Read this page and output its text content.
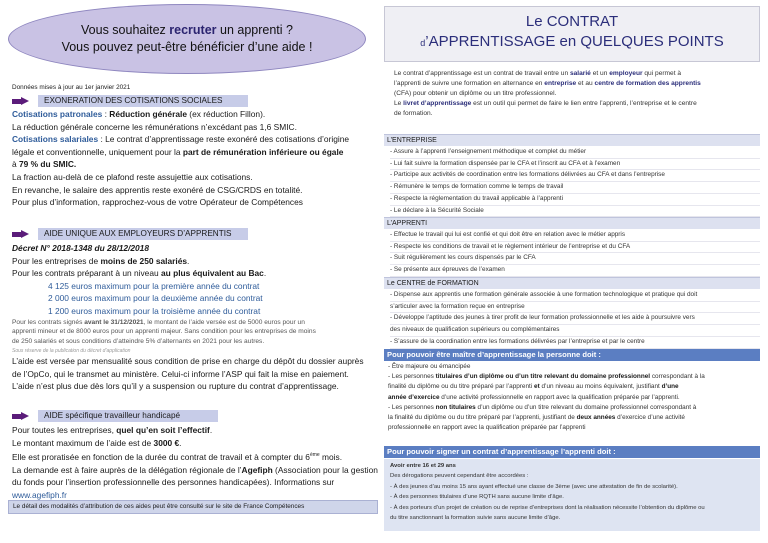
Vous souhaitez recruter un apprenti ?
Vous pouvez peut-être bénéficier d’une aide !
Données mises à jour au 1er janvier 2021
EXONERATION DES COTISATIONS SOCIALES
Cotisations patronales : Réduction générale (ex réduction Fillon).
La réduction générale concerne les rémunérations n’excédant pas 1,6 SMIC.
Cotisations salariales : Le contrat d’apprentissage reste exonéré des cotisations d’origine
légale et conventionnelle, uniquement pour la part de rémunération inférieure ou égale
à 79 % du SMIC.
La fraction au-delà de ce plafond reste assujettie aux cotisations.
En revanche, le salaire des apprentis reste exonéré de CSG/CRDS en totalité.
Pour plus d’information, rapprochez-vous de votre Opérateur de Compétences
AIDE UNIQUE AUX EMPLOYEURS D’APPRENTIS
Décret N° 2018-1348 du 28/12/2018
Pour les entreprises de moins de 250 salariés.
Pour les contrats préparant à un niveau au plus équivalent au Bac.
4 125 euros maximum pour la première année du contrat
2 000 euros maximum pour la deuxième année du contrat
1 200 euros maximum pour la troisième année du contrat
Pour les contrats signés avant le 31/12/2021, le montant de l’aide versée est de 5000 euros pour un
apprenti mineur et de 8000 euros pour un apprenti majeur. Sans condition pour les entreprises de moins
de 250 salariés et sous conditions d’atteindre 5% d’alternants en 2021 pour les autres.
Sous réserve de la publication du décret d’application
L’aide est versée par mensualité sous condition de prise en charge du dépôt du dossier auprès
de l’OpCo, qui le transmet au ministère. Celui-ci informe l’ASP qui fait la mise en paiement.
L’aide n’est plus due dès lors qu’il y a suspension ou rupture du contrat d’apprentissage.
AIDE spécifique travailleur handicapé
Pour toutes les entreprises, quel qu’en soit l’effectif.
Le montant maximum de l’aide est de 3000 €.
Elle est proratisée en fonction de la durée du contrat de travail et à compter du 6ème mois.
La demande est à faire auprès de la délégation régionale de l’Agefiph (Association pour la gestion
du fonds pour l’insertion professionnelle des personnes handicapées). Informations sur
www.agefiph.fr
Le détail des modalités d’attribution de ces aides peut être consulté sur le site de France Compétences
Le CONTRAT
d’APPRENTISSAGE en QUELQUES POINTS
Le contrat d’apprentissage est un contrat de travail entre un salarié et un employeur qui permet à
l’apprenti de suivre une formation en alternance en entreprise et au centre de formation des apprentis
(CFA) pour obtenir un diplôme ou un titre professionnel.
Le livret d’apprentissage est un outil qui permet de faire le lien entre l’apprenti, l’entreprise et le centre
de formation.
L’ENTREPRISE
- Assure à l’apprenti l’enseignement méthodique et complet du métier
- Lui fait suivre la formation dispensée par le CFA et l’inscrit au CFA et à l’examen
- Participe aux activités de coordination entre les formations délivrées au CFA et dans l’entreprise
- Rémunère le temps de formation comme le temps de travail
- Respecte la réglementation du travail applicable à l’apprenti
- Le déclare à la Sécurité Sociale
L’APPRENTI
- Effectue le travail qui lui est confié et qui doit être en relation avec le métier appris
- Respecte les conditions de travail et le règlement intérieur de l’entreprise et du CFA
- Suit régulièrement les cours dispensés par le CFA
- Se présente aux épreuves de l’examen
Le CENTRE de FORMATION
- Dispense aux apprentis une formation générale associée à une formation technologique et pratique qui doit
s’articuler avec la formation reçue en entreprise
- Développe l’aptitude des jeunes à tirer profit de leur formation professionnelle et les aide à poursuivre vers
des niveaux de qualification supérieurs ou complémentaires
- S’assure de la coordination entre les formations délivrées par l’entreprise et par le centre
Pour pouvoir être maître d’apprentissage la personne doit :
- Être majeure ou émancipée
- Les personnes titulaires d’un diplôme ou d’un titre relevant du domaine professionnel correspondant à la
finalité du diplôme ou du titre préparé par l’apprenti et d’un niveau au moins équivalent, justifiant d’une
année d’exercice d’une activité professionnelle en rapport avec la qualification préparée par l’apprenti.
- Les personnes non titulaires d’un diplôme ou d’un titre relevant du domaine professionnel correspondant à
la finalité du diplôme ou du titre préparé par l’apprenti, justifiant de deux années d’exercice d’une activité
professionnelle en rapport avec la qualification préparée par l’apprenti
Pour pouvoir signer un contrat d’apprentissage l’apprenti doit :
Avoir entre 16 et 29 ans
Des dérogations peuvent cependant être accordées :
- À des jeunes d’au moins 15 ans ayant effectué une classe de 3ème (avec une attestation de fin de scolarité).
- À des personnes titulaires d’une RQTH sans aucune limite d’âge.
- À des porteurs d’un projet de création ou de reprise d’entreprises dont la réalisation nécessite l’obtention du diplôme ou
du titre sanctionnant la formation suivie sans aucune limite d’âge.
